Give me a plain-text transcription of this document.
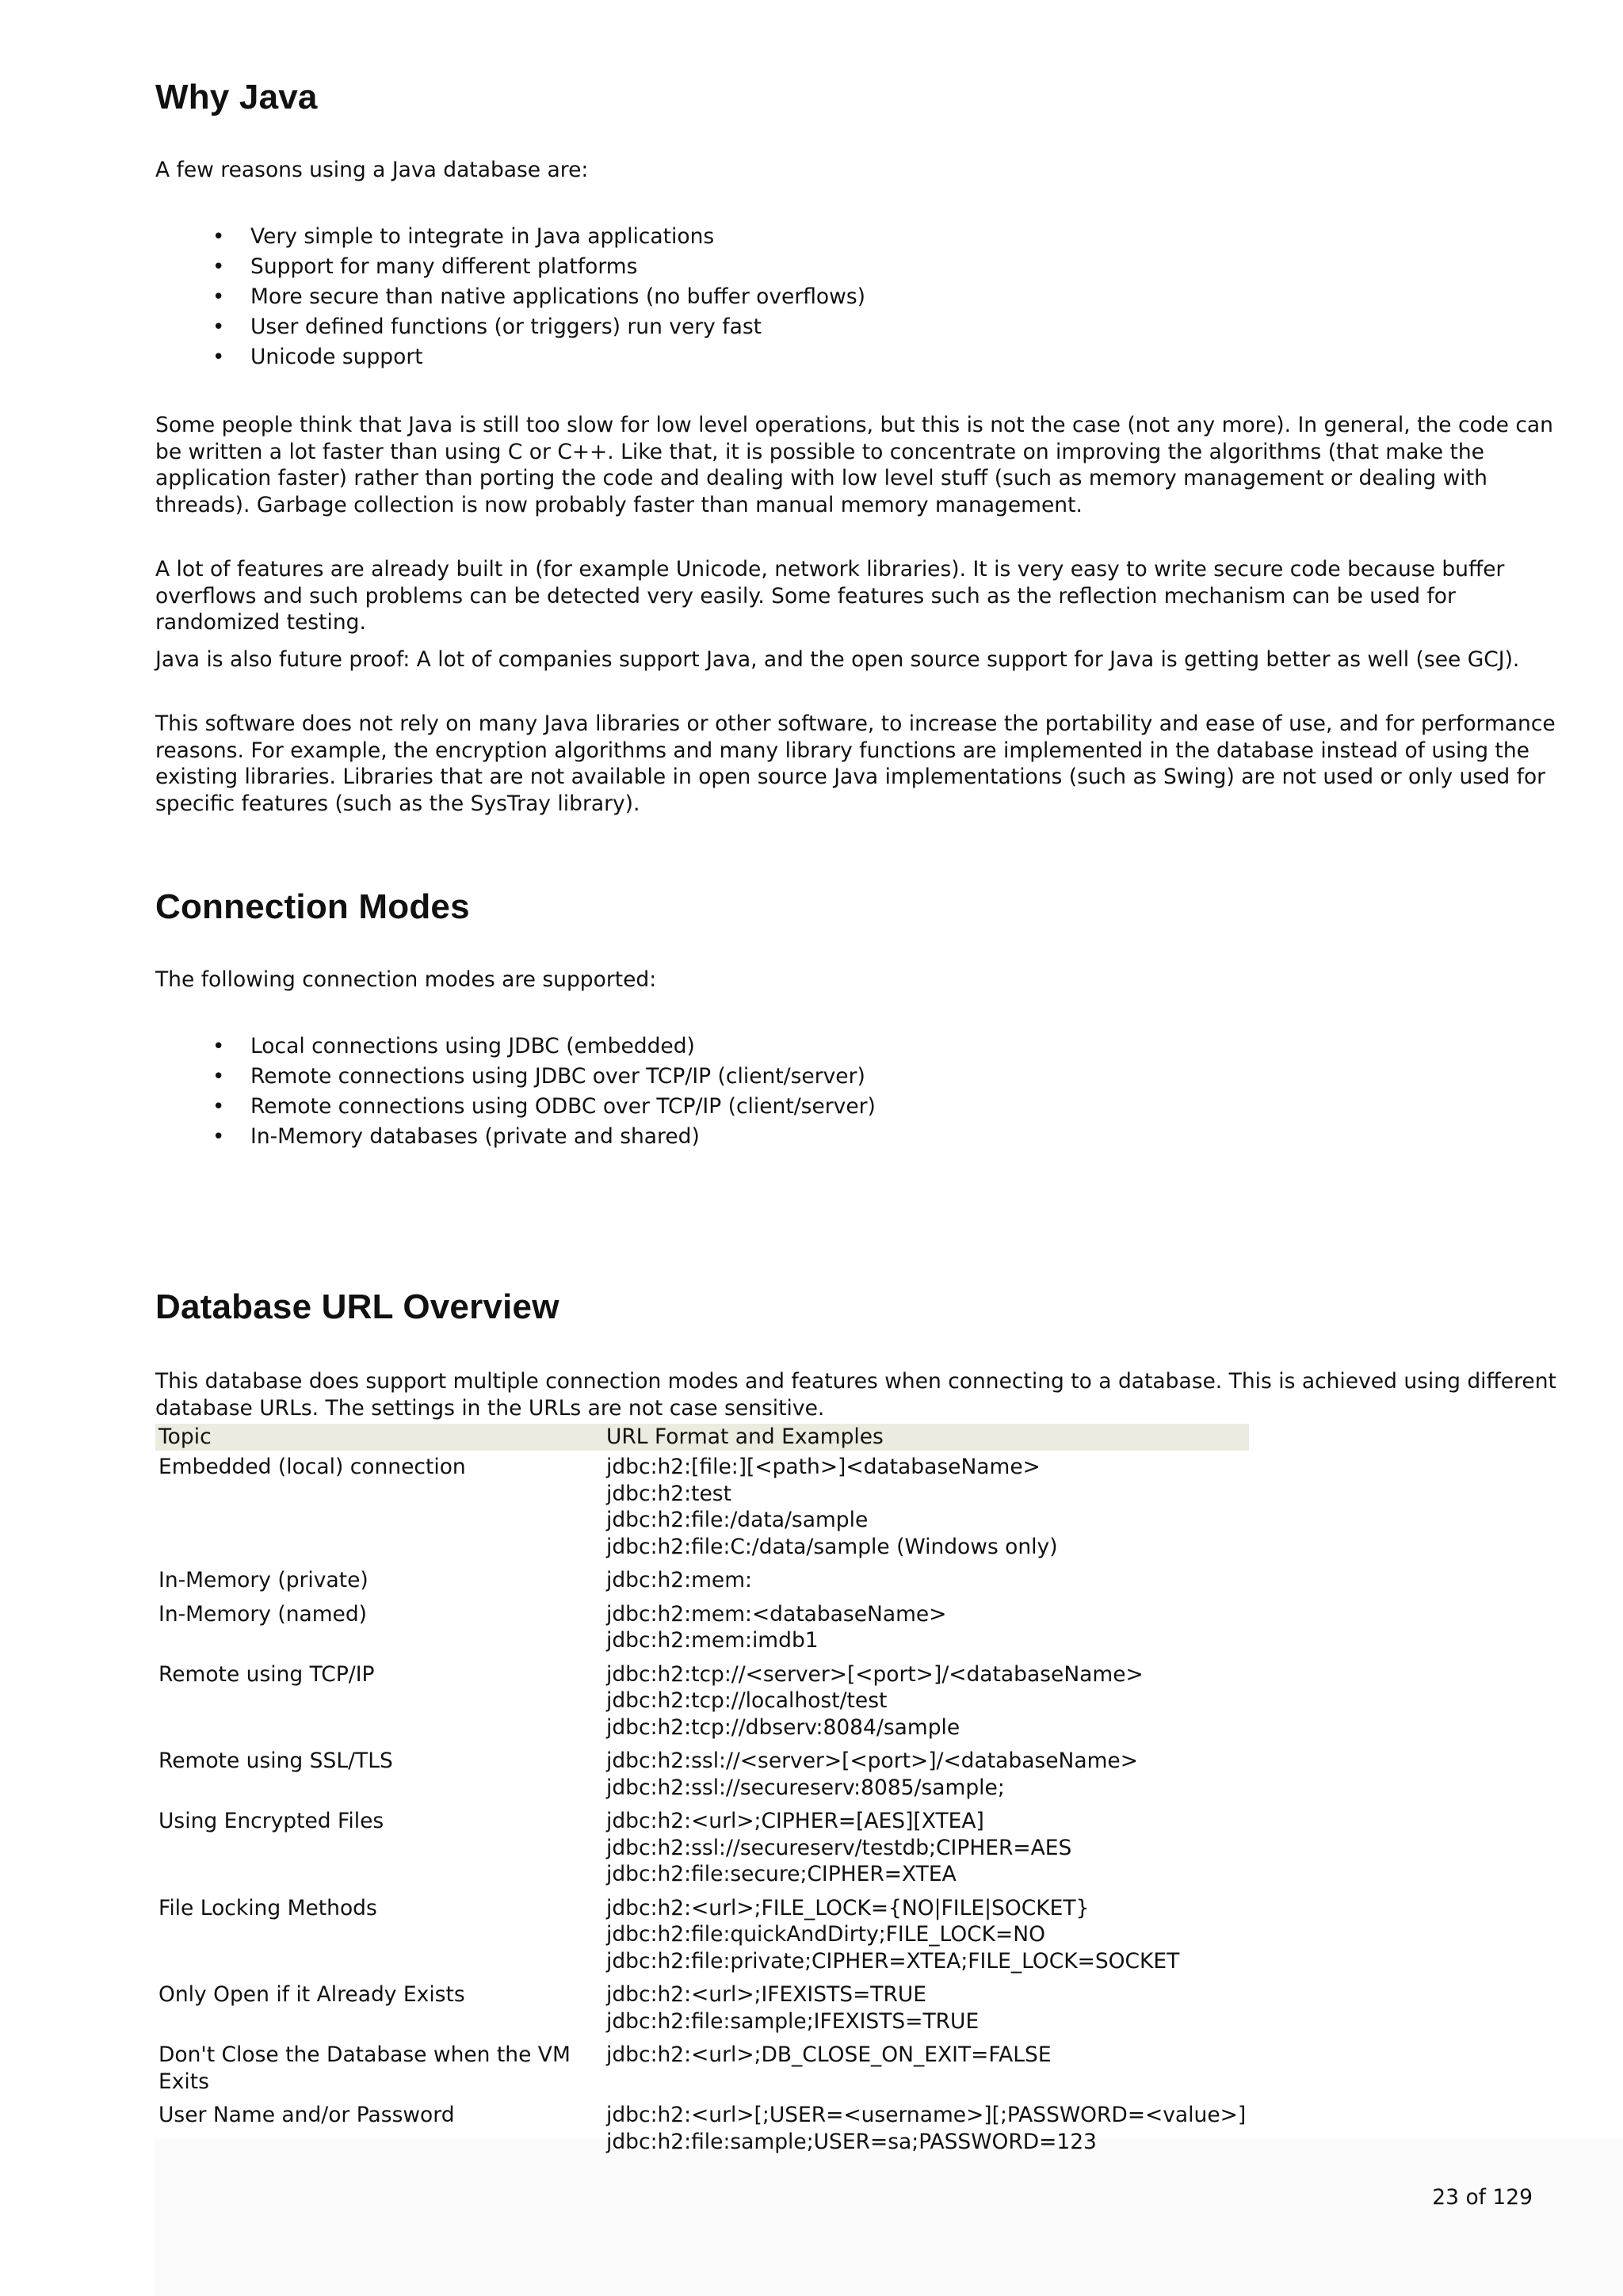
Why Java

A few reasons using a Java database are:

• Very simple to integrate in Java applications
• Support for many different platforms
• More secure than native applications (no buffer overflows)
• User defined functions (or triggers) run very fast
• Unicode support

Some people think that Java is still too slow for low level operations, but this is not the case (not any more). In general, the code can be written a lot faster than using C or C++. Like that, it is possible to concentrate on improving the algorithms (that make the application faster) rather than porting the code and dealing with low level stuff (such as memory management or dealing with threads). Garbage collection is now probably faster than manual memory management.

A lot of features are already built in (for example Unicode, network libraries). It is very easy to write secure code because buffer overflows and such problems can be detected very easily. Some features such as the reflection mechanism can be used for randomized testing.

Java is also future proof: A lot of companies support Java, and the open source support for Java is getting better as well (see GCJ).

This software does not rely on many Java libraries or other software, to increase the portability and ease of use, and for performance reasons. For example, the encryption algorithms and many library functions are implemented in the database instead of using the existing libraries. Libraries that are not available in open source Java implementations (such as Swing) are not used or only used for specific features (such as the SysTray library).

Connection Modes

The following connection modes are supported:

• Local connections using JDBC (embedded)
• Remote connections using JDBC over TCP/IP (client/server)
• Remote connections using ODBC over TCP/IP (client/server)
• In-Memory databases (private and shared)
Database URL Overview

This database does support multiple connection modes and features when connecting to a database. This is achieved using different database URLs. The settings in the URLs are not case sensitive.

Topic	URL Format and Examples
Embedded (local) connection	jdbc:h2:[file:][<path>]<databaseName>
jdbc:h2:test
jdbc:h2:file:/data/sample
jdbc:h2:file:C:/data/sample (Windows only)

In-Memory (private)	jdbc:h2:mem:

In-Memory (named)	jdbc:h2:mem:<databaseName>
jdbc:h2:mem:imdb1

Remote using TCP/IP	jdbc:h2:tcp://<server>[<port>]/<databaseName>
jdbc:h2:tcp://localhost/test
jdbc:h2:tcp://dbserv:8084/sample

Remote using SSL/TLS	jdbc:h2:ssl://<server>[<port>]/<databaseName>
jdbc:h2:ssl://secureserv:8085/sample;

Using Encrypted Files	jdbc:h2:<url>;CIPHER=[AES][XTEA]
jdbc:h2:ssl://secureserv/testdb;CIPHER=AES
jdbc:h2:file:secure;CIPHER=XTEA

File Locking Methods	jdbc:h2:<url>;FILE_LOCK={NO|FILE|SOCKET}
jdbc:h2:file:quickAndDirty;FILE_LOCK=NO
jdbc:h2:file:private;CIPHER=XTEA;FILE_LOCK=SOCKET

Only Open if it Already Exists	jdbc:h2:<url>;IFEXISTS=TRUE
jdbc:h2:file:sample;IFEXISTS=TRUE

Don't Close the Database when the VM Exits	jdbc:h2:<url>;DB_CLOSE_ON_EXIT=FALSE

User Name and/or Password	jdbc:h2:<url>[;USER=<username>][;PASSWORD=<value>]
jdbc:h2:file:sample;USER=sa;PASSWORD=123
23 of 129
